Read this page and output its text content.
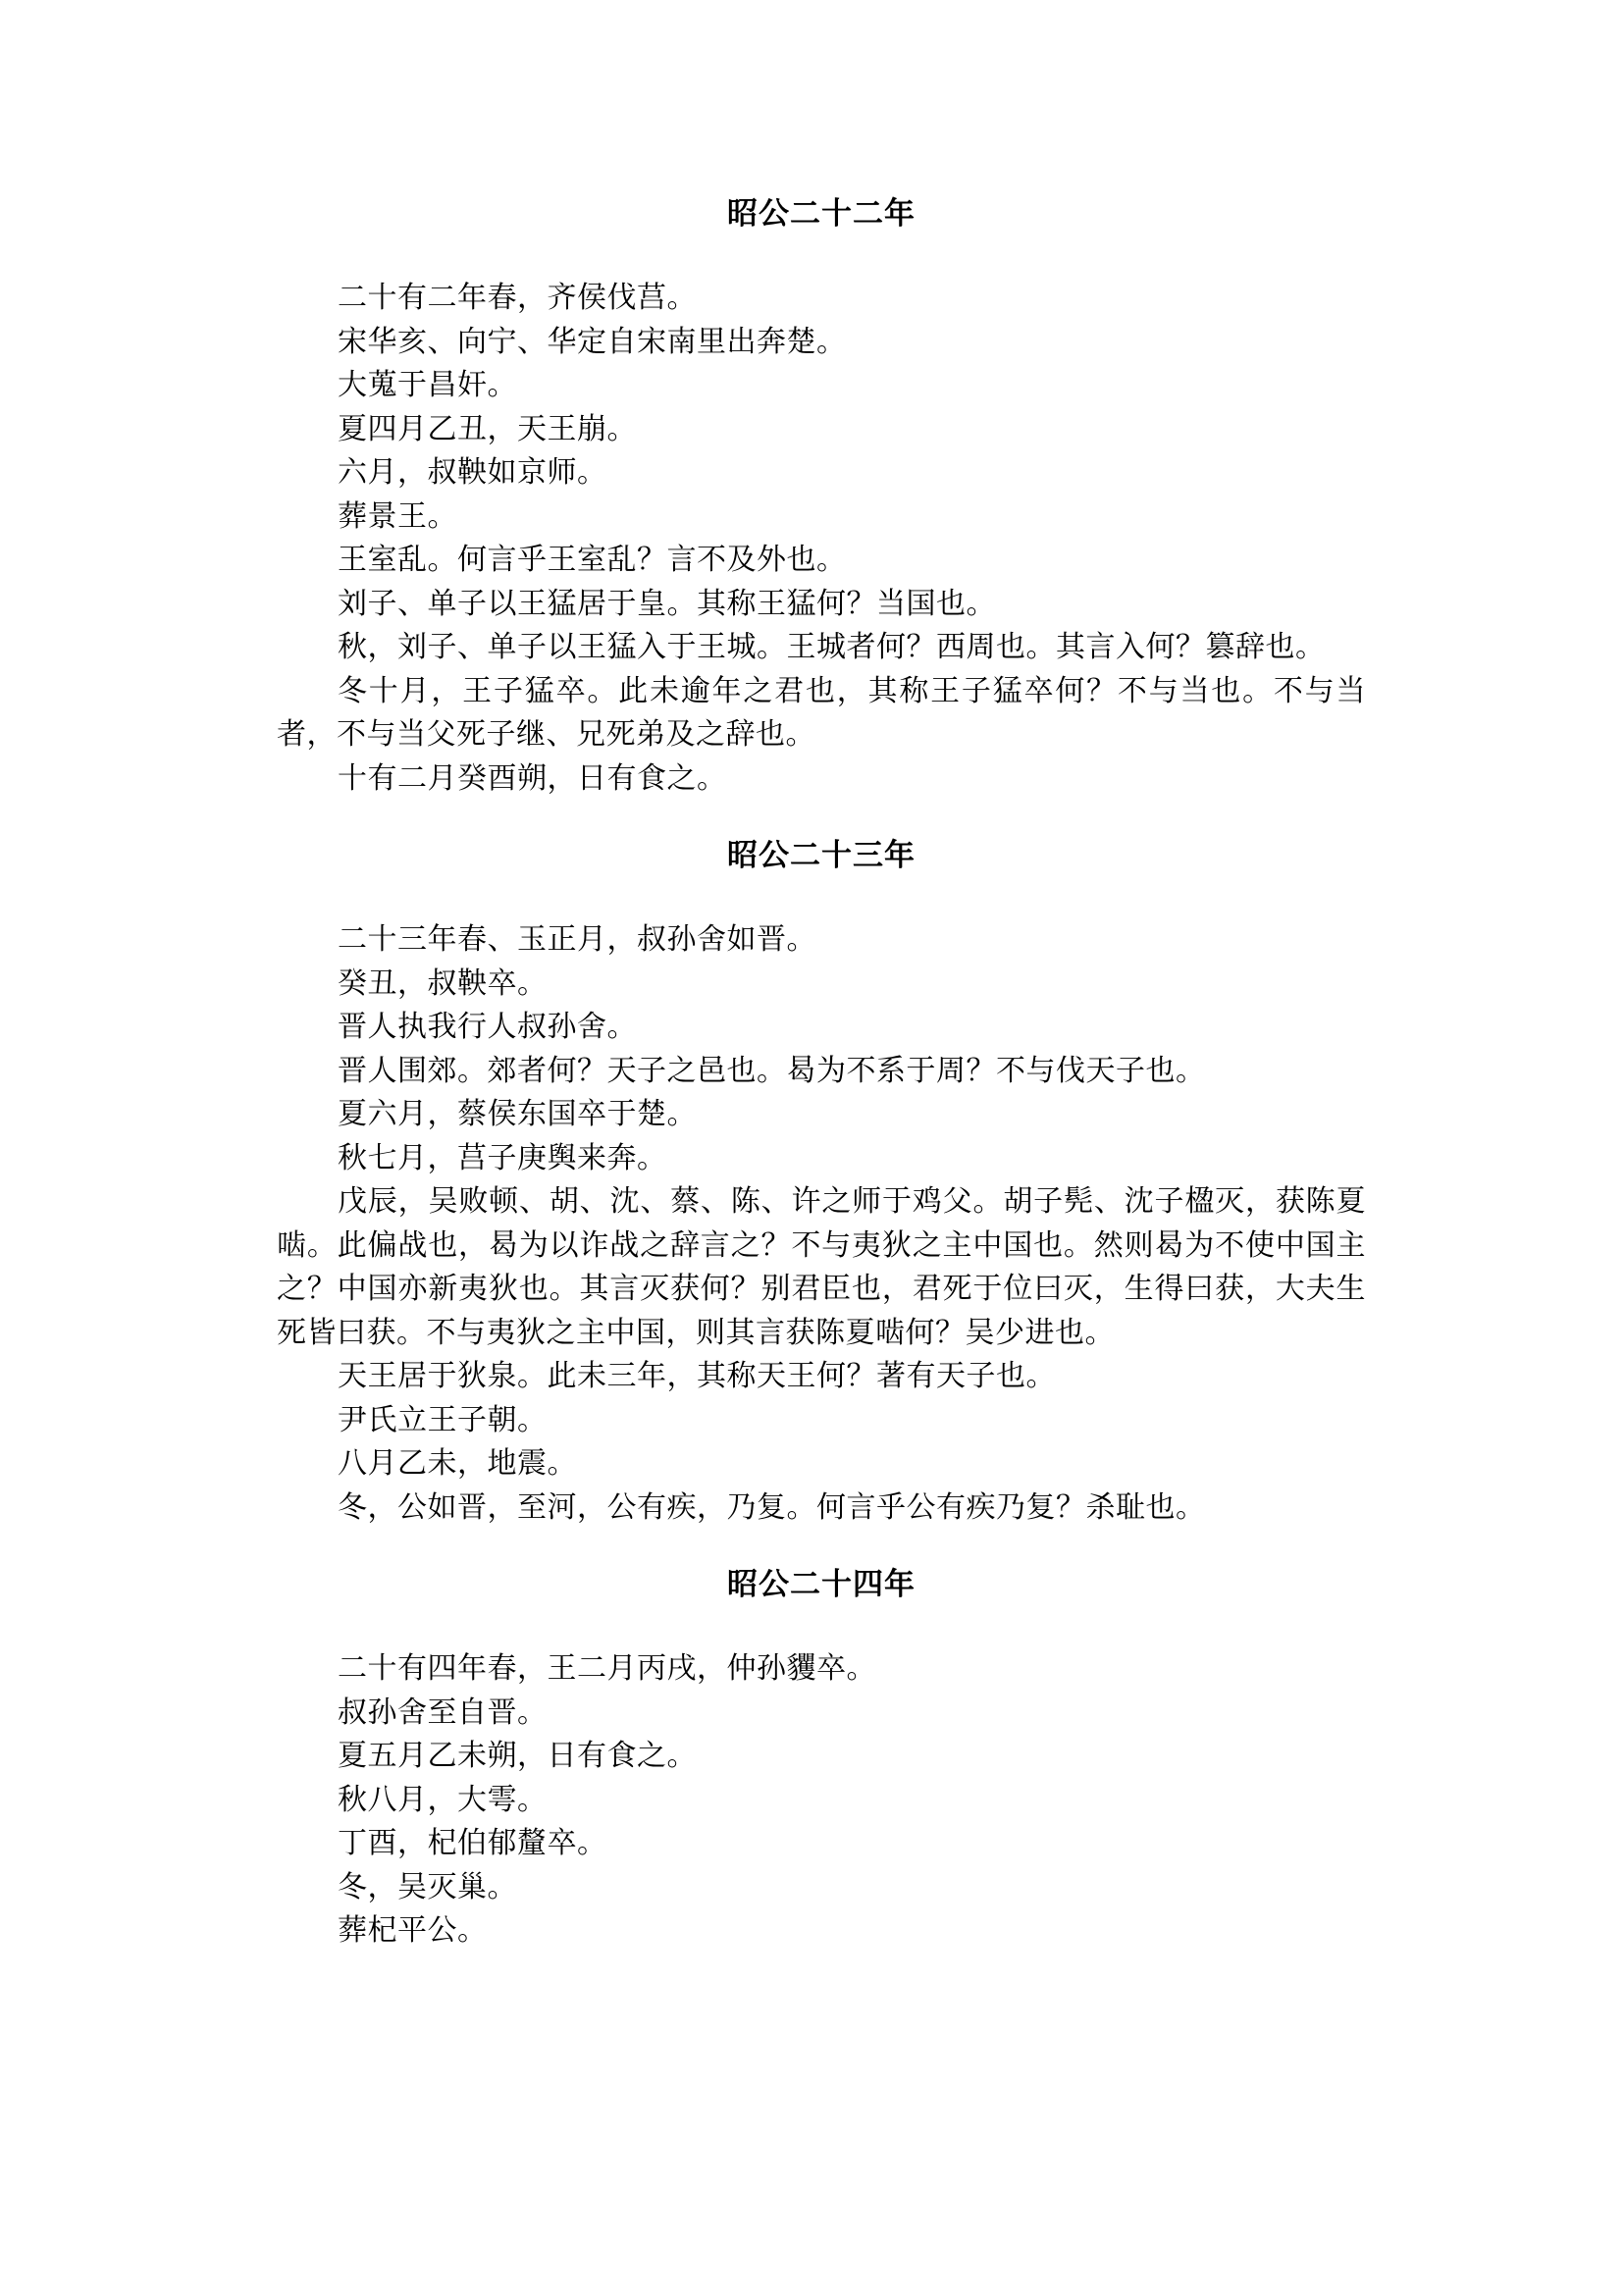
昭公二十二年

二十有二年春，齐侯伐莒。

宋华亥、向宁、华定自宋南里出奔楚。

大蒐于昌奸。

夏四月乙丑，天王崩。

六月，叔鞅如京师。

葬景王。

王室乱。何言乎王室乱？言不及外也。

刘子、单子以王猛居于皇。其称王猛何？当国也。

秋，刘子、单子以王猛入于王城。王城者何？西周也。其言入何？篡辞也。

冬十月，王子猛卒。此未逾年之君也，其称王子猛卒何？不与当也。不与当者，不与当父死子继、兄死弟及之辞也。

十有二月癸酉朔，日有食之。

昭公二十三年

二十三年春、玉正月，叔孙舍如晋。

癸丑，叔鞅卒。

晋人执我行人叔孙舍。

晋人围郊。郊者何？天子之邑也。曷为不系于周？不与伐天子也。

夏六月，蔡侯东国卒于楚。

秋七月，莒子庚舆来奔。

戊辰，吴败顿、胡、沈、蔡、陈、许之师于鸡父。胡子髡、沈子楹灭，获陈夏啮。此偏战也，曷为以诈战之辞言之？不与夷狄之主中国也。然则曷为不使中国主之？中国亦新夷狄也。其言灭获何？别君臣也，君死于位曰灭，生得曰获，大夫生死皆曰获。不与夷狄之主中国，则其言获陈夏啮何？吴少进也。

天王居于狄泉。此未三年，其称天王何？著有天子也。

尹氏立王子朝。

八月乙未，地震。

冬，公如晋，至河，公有疾，乃复。何言乎公有疾乃复？杀耻也。

昭公二十四年

二十有四年春，王二月丙戌，仲孙貜卒。

叔孙舍至自晋。

夏五月乙未朔，日有食之。

秋八月，大雩。

丁酉，杞伯郁釐卒。

冬，吴灭巢。

葬杞平公。
